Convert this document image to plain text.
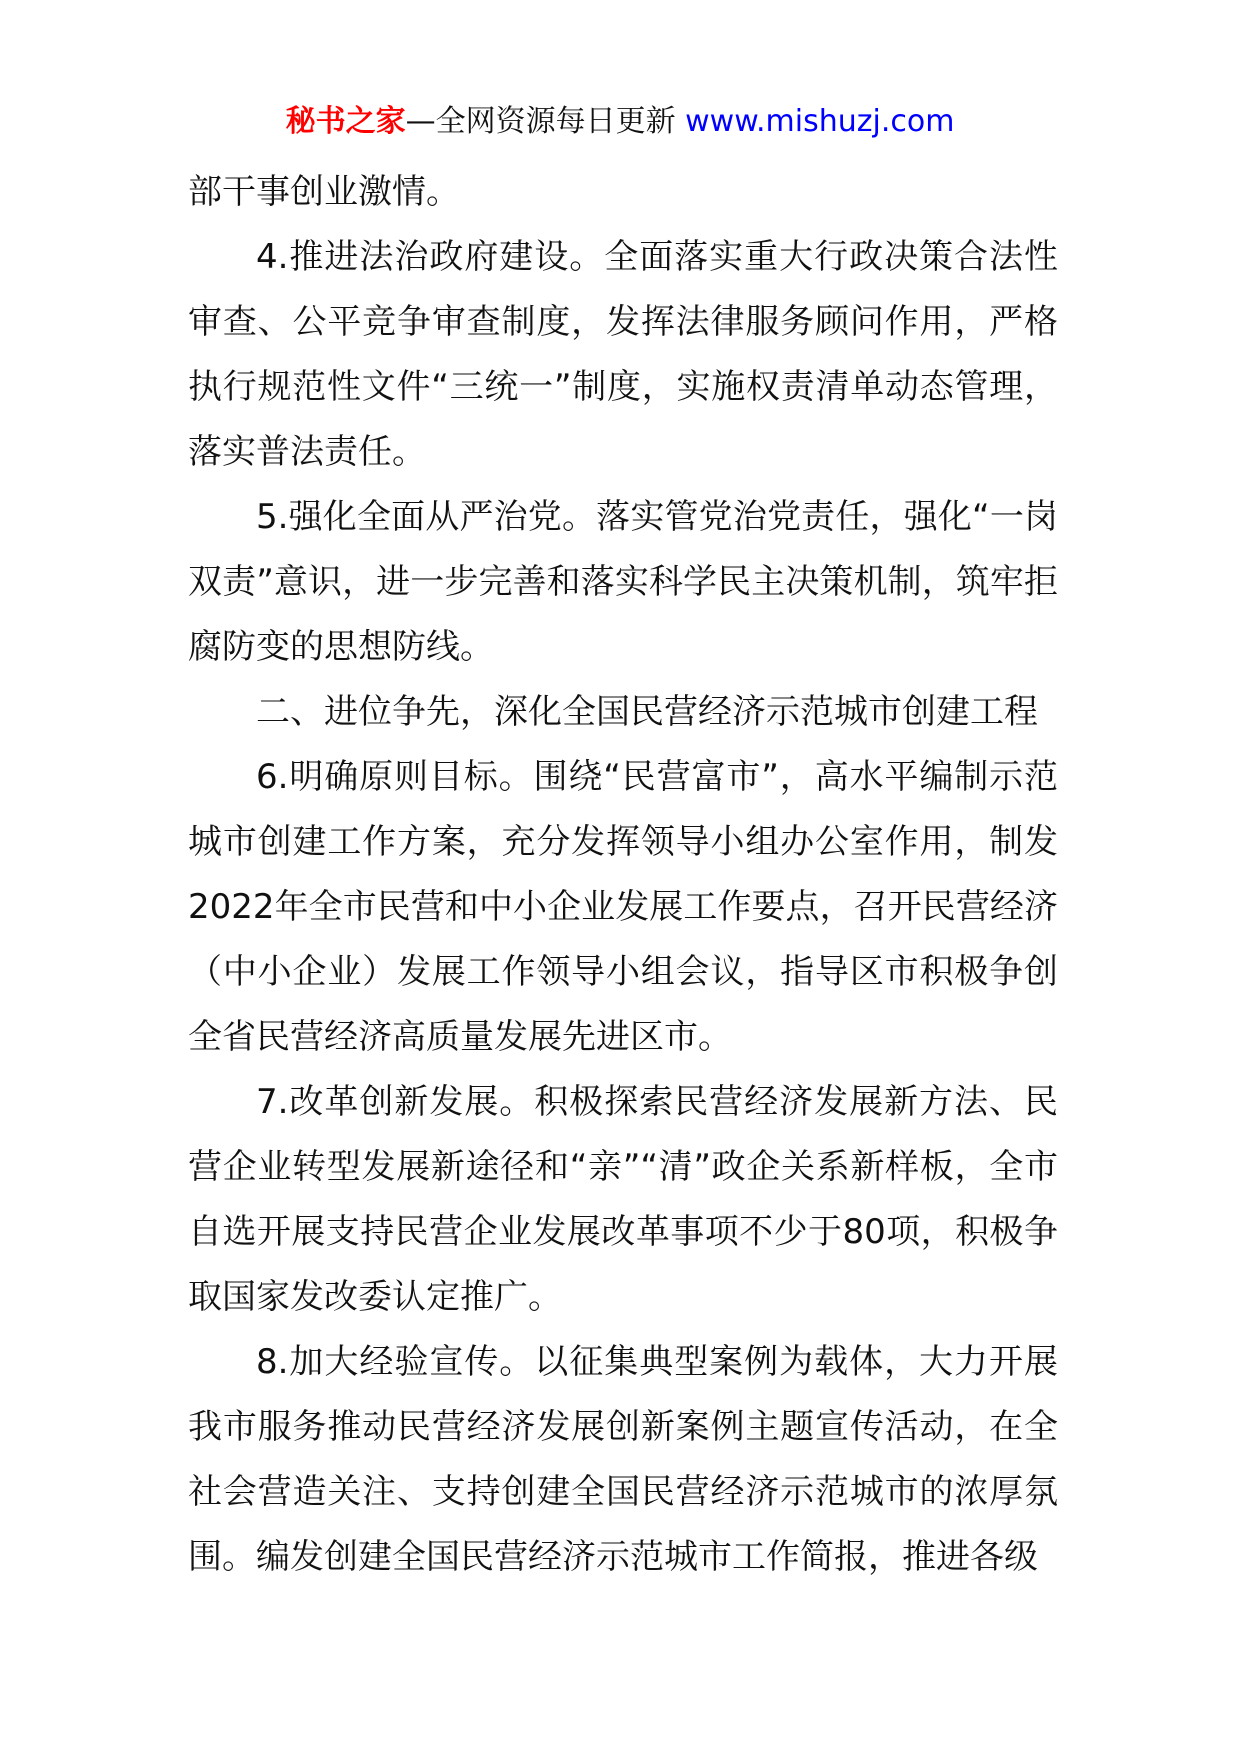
秘书之家—全网资源每日更新 www.mishuzj.com

部干事创业激情。

4.推进法治政府建设。全面落实重大行政决策合法性审查、公平竞争审查制度，发挥法律服务顾问作用，严格执行规范性文件“三统一”制度，实施权责清单动态管理，落实普法责任。

5.强化全面从严治党。落实管党治党责任，强化“一岗双责”意识，进一步完善和落实科学民主决策机制，筑牢拒腐防变的思想防线。

二、进位争先，深化全国民营经济示范城市创建工程

6.明确原则目标。围绕“民营富市”，高水平编制示范城市创建工作方案，充分发挥领导小组办公室作用，制发2022年全市民营和中小企业发展工作要点，召开民营经济（中小企业）发展工作领导小组会议，指导区市积极争创全省民营经济高质量发展先进区市。

7.改革创新发展。积极探索民营经济发展新方法、民营企业转型发展新途径和“亲”“清”政企关系新样板，全市自选开展支持民营企业发展改革事项不少于80项，积极争取国家发改委认定推广。

8.加大经验宣传。以征集典型案例为载体，大力开展我市服务推动民营经济发展创新案例主题宣传活动，在全社会营造关注、支持创建全国民营经济示范城市的浓厚氛围。编发创建全国民营经济示范城市工作简报，推进各级
